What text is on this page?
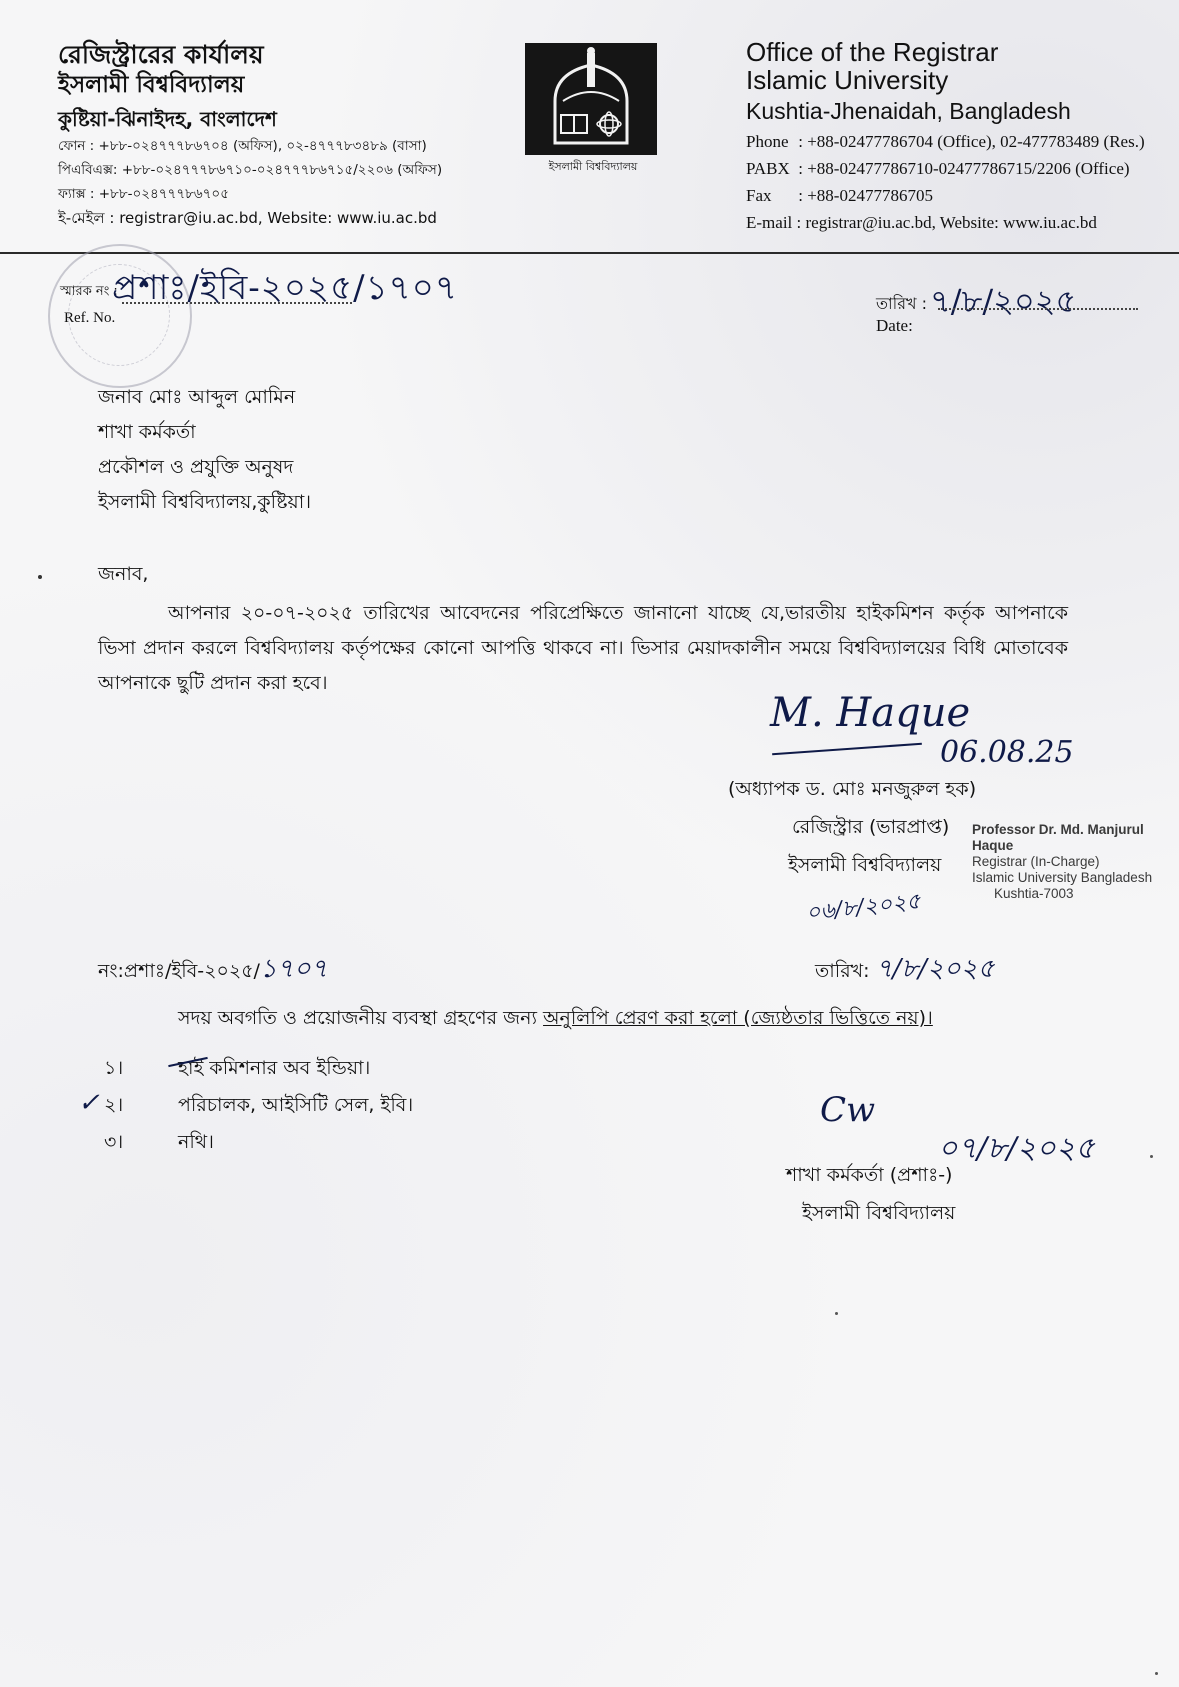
রেজিস্ট্রারের কার্যালয়
ইসলামী বিশ্ববিদ্যালয়
কুষ্টিয়া-ঝিনাইদহ, বাংলাদেশ
ফোন : +৮৮-০২৪৭৭৭৮৬৭০৪ (অফিস), ০২-৪৭৭৭৮৩৪৮৯ (বাসা)
পিএবিএক্স: +৮৮-০২৪৭৭৭৮৬৭১০-০২৪৭৭৭৮৬৭১৫/২২০৬ (অফিস)
ফ্যাক্স : +৮৮-০২৪৭৭৭৮৬৭০৫
ই-মেইল : registrar@iu.ac.bd, Website: www.iu.ac.bd
ইসলামী বিশ্ববিদ্যালয়
Office of the Registrar
Islamic University
Kushtia-Jhenaidah, Bangladesh
Phone : +88-02477786704 (Office), 02-477783489 (Res.)
PABX : +88-02477786710-02477786715/2206 (Office)
Fax : +88-02477786705
E-mail : registrar@iu.ac.bd, Website: www.iu.ac.bd
স্মারক নং :
Ref. No.
প্রশাঃ/ইবি-২০২৫/১৭০৭	তারিখ : ৭/৮/২০২৫
Date:
জনাব মোঃ আব্দুল মোমিন
শাখা কর্মকর্তা
প্রকৌশল ও প্রযুক্তি অনুষদ
ইসলামী বিশ্ববিদ্যালয়,কুষ্টিয়া।
জনাব,
আপনার ২০-০৭-২০২৫ তারিখের আবেদনের পরিপ্রেক্ষিতে জানানো যাচ্ছে যে,ভারতীয় হাইকমিশন কর্তৃক আপনাকে ভিসা প্রদান করলে বিশ্ববিদ্যালয় কর্তৃপক্ষের কোনো আপত্তি থাকবে না। ভিসার মেয়াদকালীন সময়ে বিশ্ববিদ্যালয়ের বিধি মোতাবেক আপনাকে ছুটি প্রদান করা হবে।
M. Haque
06.08.25
(অধ্যাপক ড. মোঃ মনজুরুল হক)
রেজিস্ট্রার (ভারপ্রাপ্ত)
ইসলামী বিশ্ববিদ্যালয়
Professor Dr. Md. Manjurul Haque
Registrar (In-Charge)
Islamic University Bangladesh
Kushtia-7003
০৬/৮/২০২৫
নং:প্রশাঃ/ইবি-২০২৫/১৭০৭	তারিখ: ৭/৮/২০২৫
সদয় অবগতি ও প্রয়োজনীয় ব্যবস্থা গ্রহণের জন্য অনুলিপি প্রেরণ করা হলো (জ্যেষ্ঠতার ভিত্তিতে নয়)।
১।	হাই কমিশনার অব ইন্ডিয়া।
২।	পরিচালক, আইসিটি সেল, ইবি।
৩।	নথি।
✓	Cw
০৭/৮/২০২৫
শাখা কর্মকর্তা (প্রশাঃ-)
ইসলামী বিশ্ববিদ্যালয়
